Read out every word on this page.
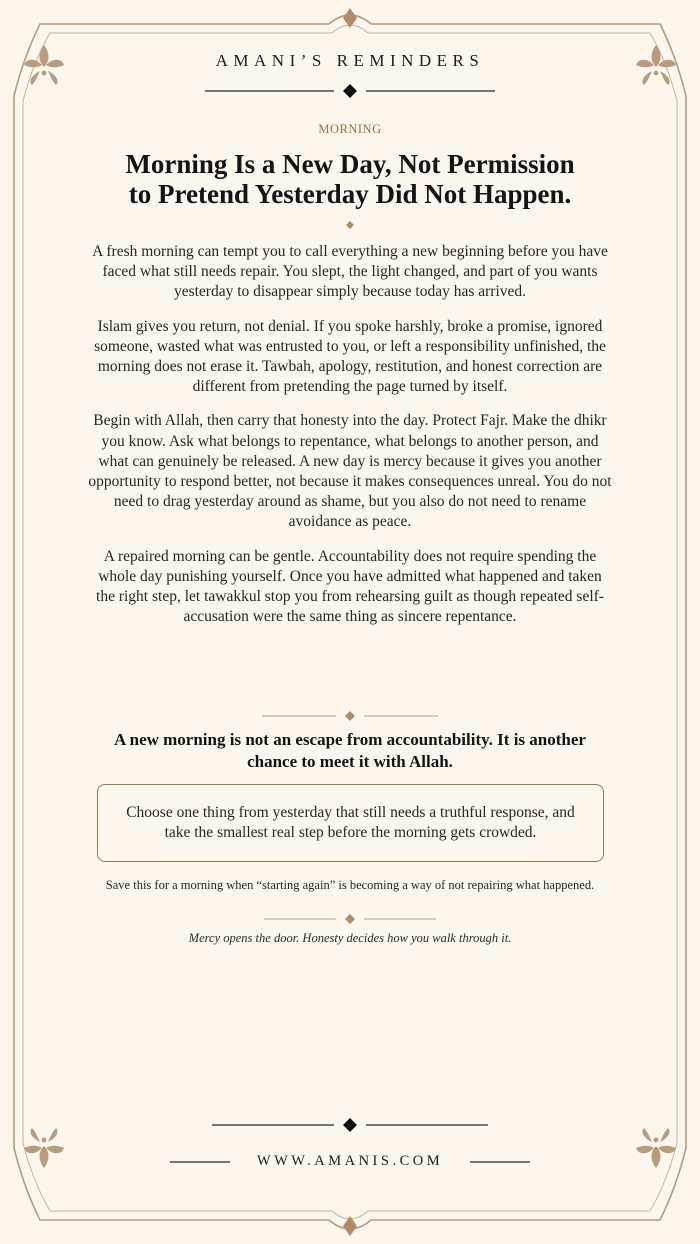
AMANI’S REMINDERS
MORNING
Morning Is a New Day, Not Permission
to Pretend Yesterday Did Not Happen.

A fresh morning can tempt you to call everything a new beginning before you have faced what still needs repair. You slept, the light changed, and part of you wants yesterday to disappear simply because today has arrived.

Islam gives you return, not denial. If you spoke harshly, broke a promise, ignored someone, wasted what was entrusted to you, or left a responsibility unfinished, the morning does not erase it. Tawbah, apology, restitution, and honest correction are different from pretending the page turned by itself.

Begin with Allah, then carry that honesty into the day. Protect Fajr. Make the dhikr you know. Ask what belongs to repentance, what belongs to another person, and what can genuinely be released. A new day is mercy because it gives you another opportunity to respond better, not because it makes consequences unreal. You do not need to drag yesterday around as shame, but you also do not need to rename avoidance as peace.

A repaired morning can be gentle. Accountability does not require spending the whole day punishing yourself. Once you have admitted what happened and taken the right step, let tawakkul stop you from rehearsing guilt as though repeated self-accusation were the same thing as sincere repentance.

A new morning is not an escape from accountability. It is another chance to meet it with Allah.
Choose one thing from yesterday that still needs a truthful response, and take the smallest real step before the morning gets crowded.
Save this for a morning when “starting again” is becoming a way of not repairing what happened.
Mercy opens the door. Honesty decides how you walk through it.
WWW.AMANIS.COM
